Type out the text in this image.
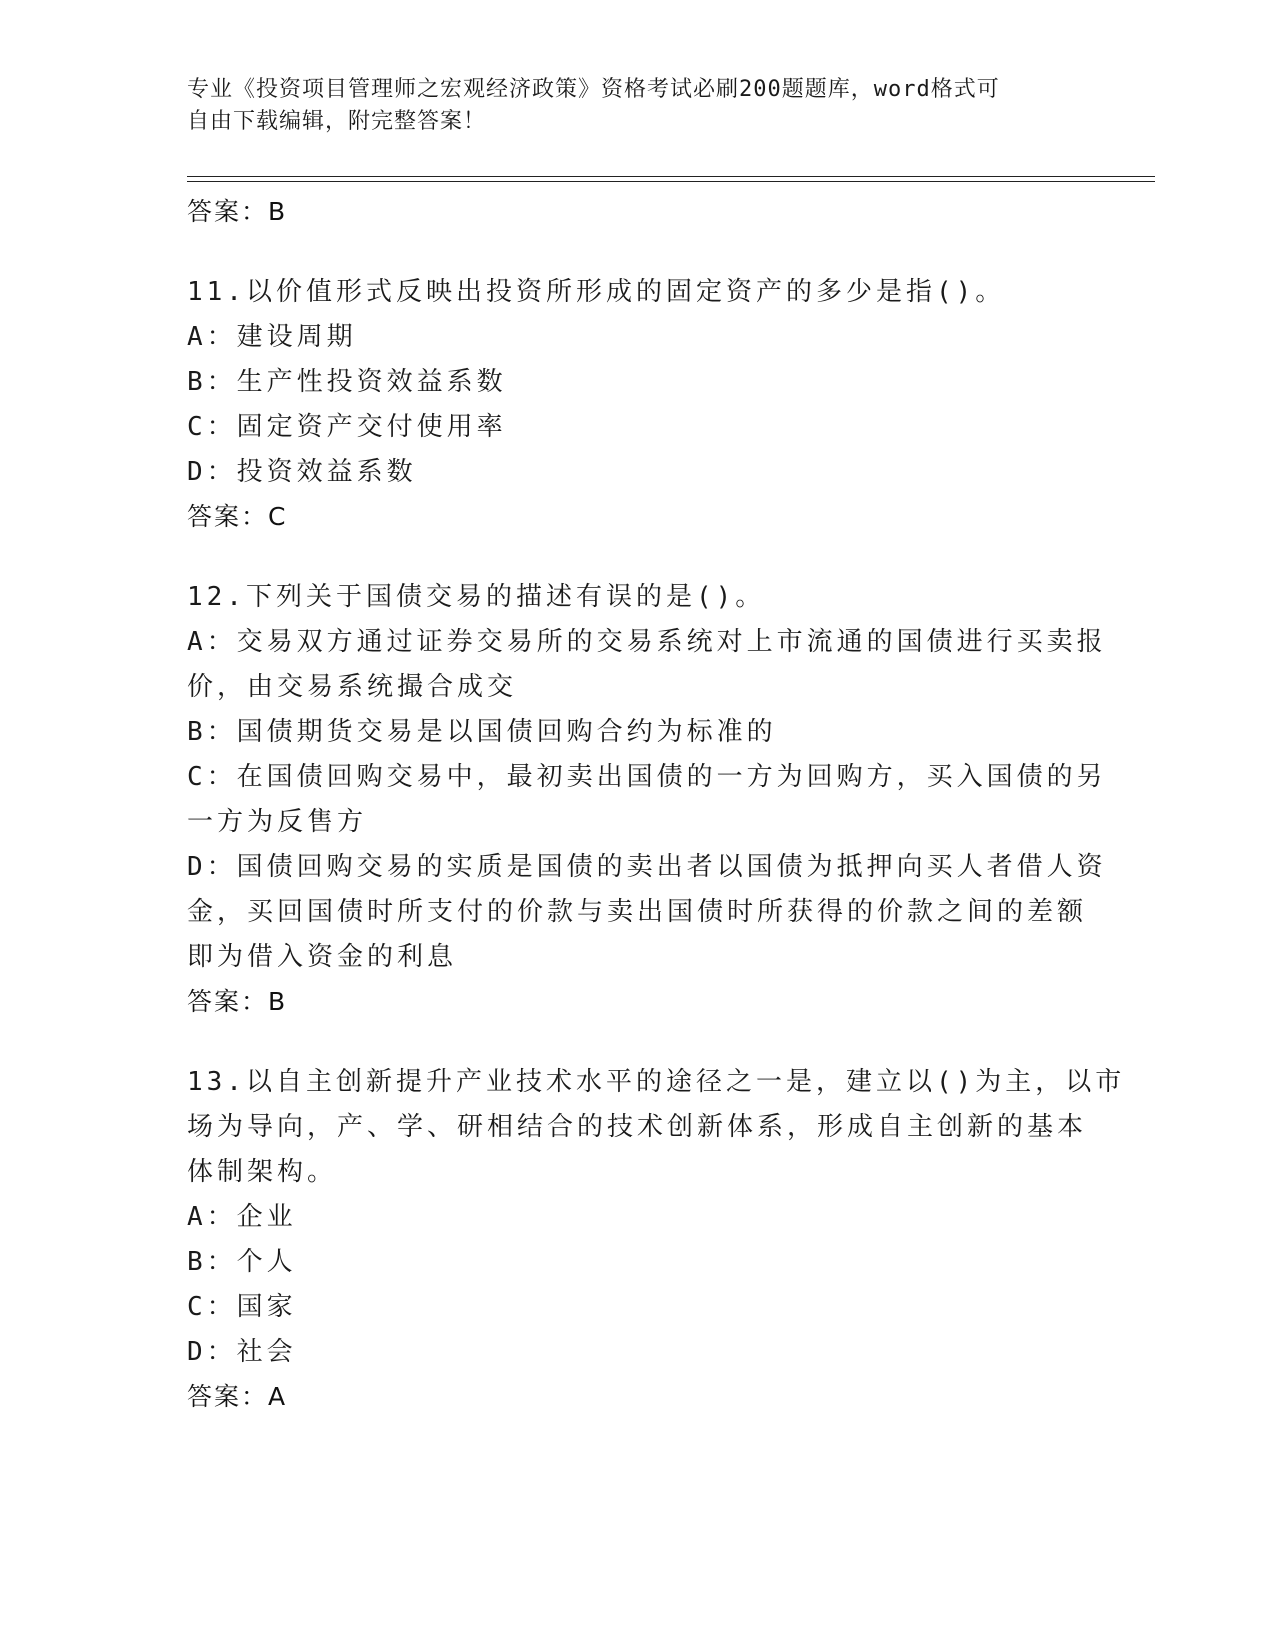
专业《投资项目管理师之宏观经济政策》资格考试必刷200题题库，word格式可
自由下载编辑，附完整答案！
答案：B
11.以价值形式反映出投资所形成的固定资产的多少是指()。
A：建设周期
B：生产性投资效益系数
C：固定资产交付使用率
D：投资效益系数
答案：C
12.下列关于国债交易的描述有误的是()。
A：交易双方通过证券交易所的交易系统对上市流通的国债进行买卖报
价，由交易系统撮合成交
B：国债期货交易是以国债回购合约为标准的
C：在国债回购交易中，最初卖出国债的一方为回购方，买入国债的另
一方为反售方
D：国债回购交易的实质是国债的卖出者以国债为抵押向买人者借人资
金，买回国债时所支付的价款与卖出国债时所获得的价款之间的差额
即为借入资金的利息
答案：B
13.以自主创新提升产业技术水平的途径之一是，建立以()为主，以市
场为导向，产、学、研相结合的技术创新体系，形成自主创新的基本
体制架构。
A：企业
B：个人
C：国家
D：社会
答案：A
